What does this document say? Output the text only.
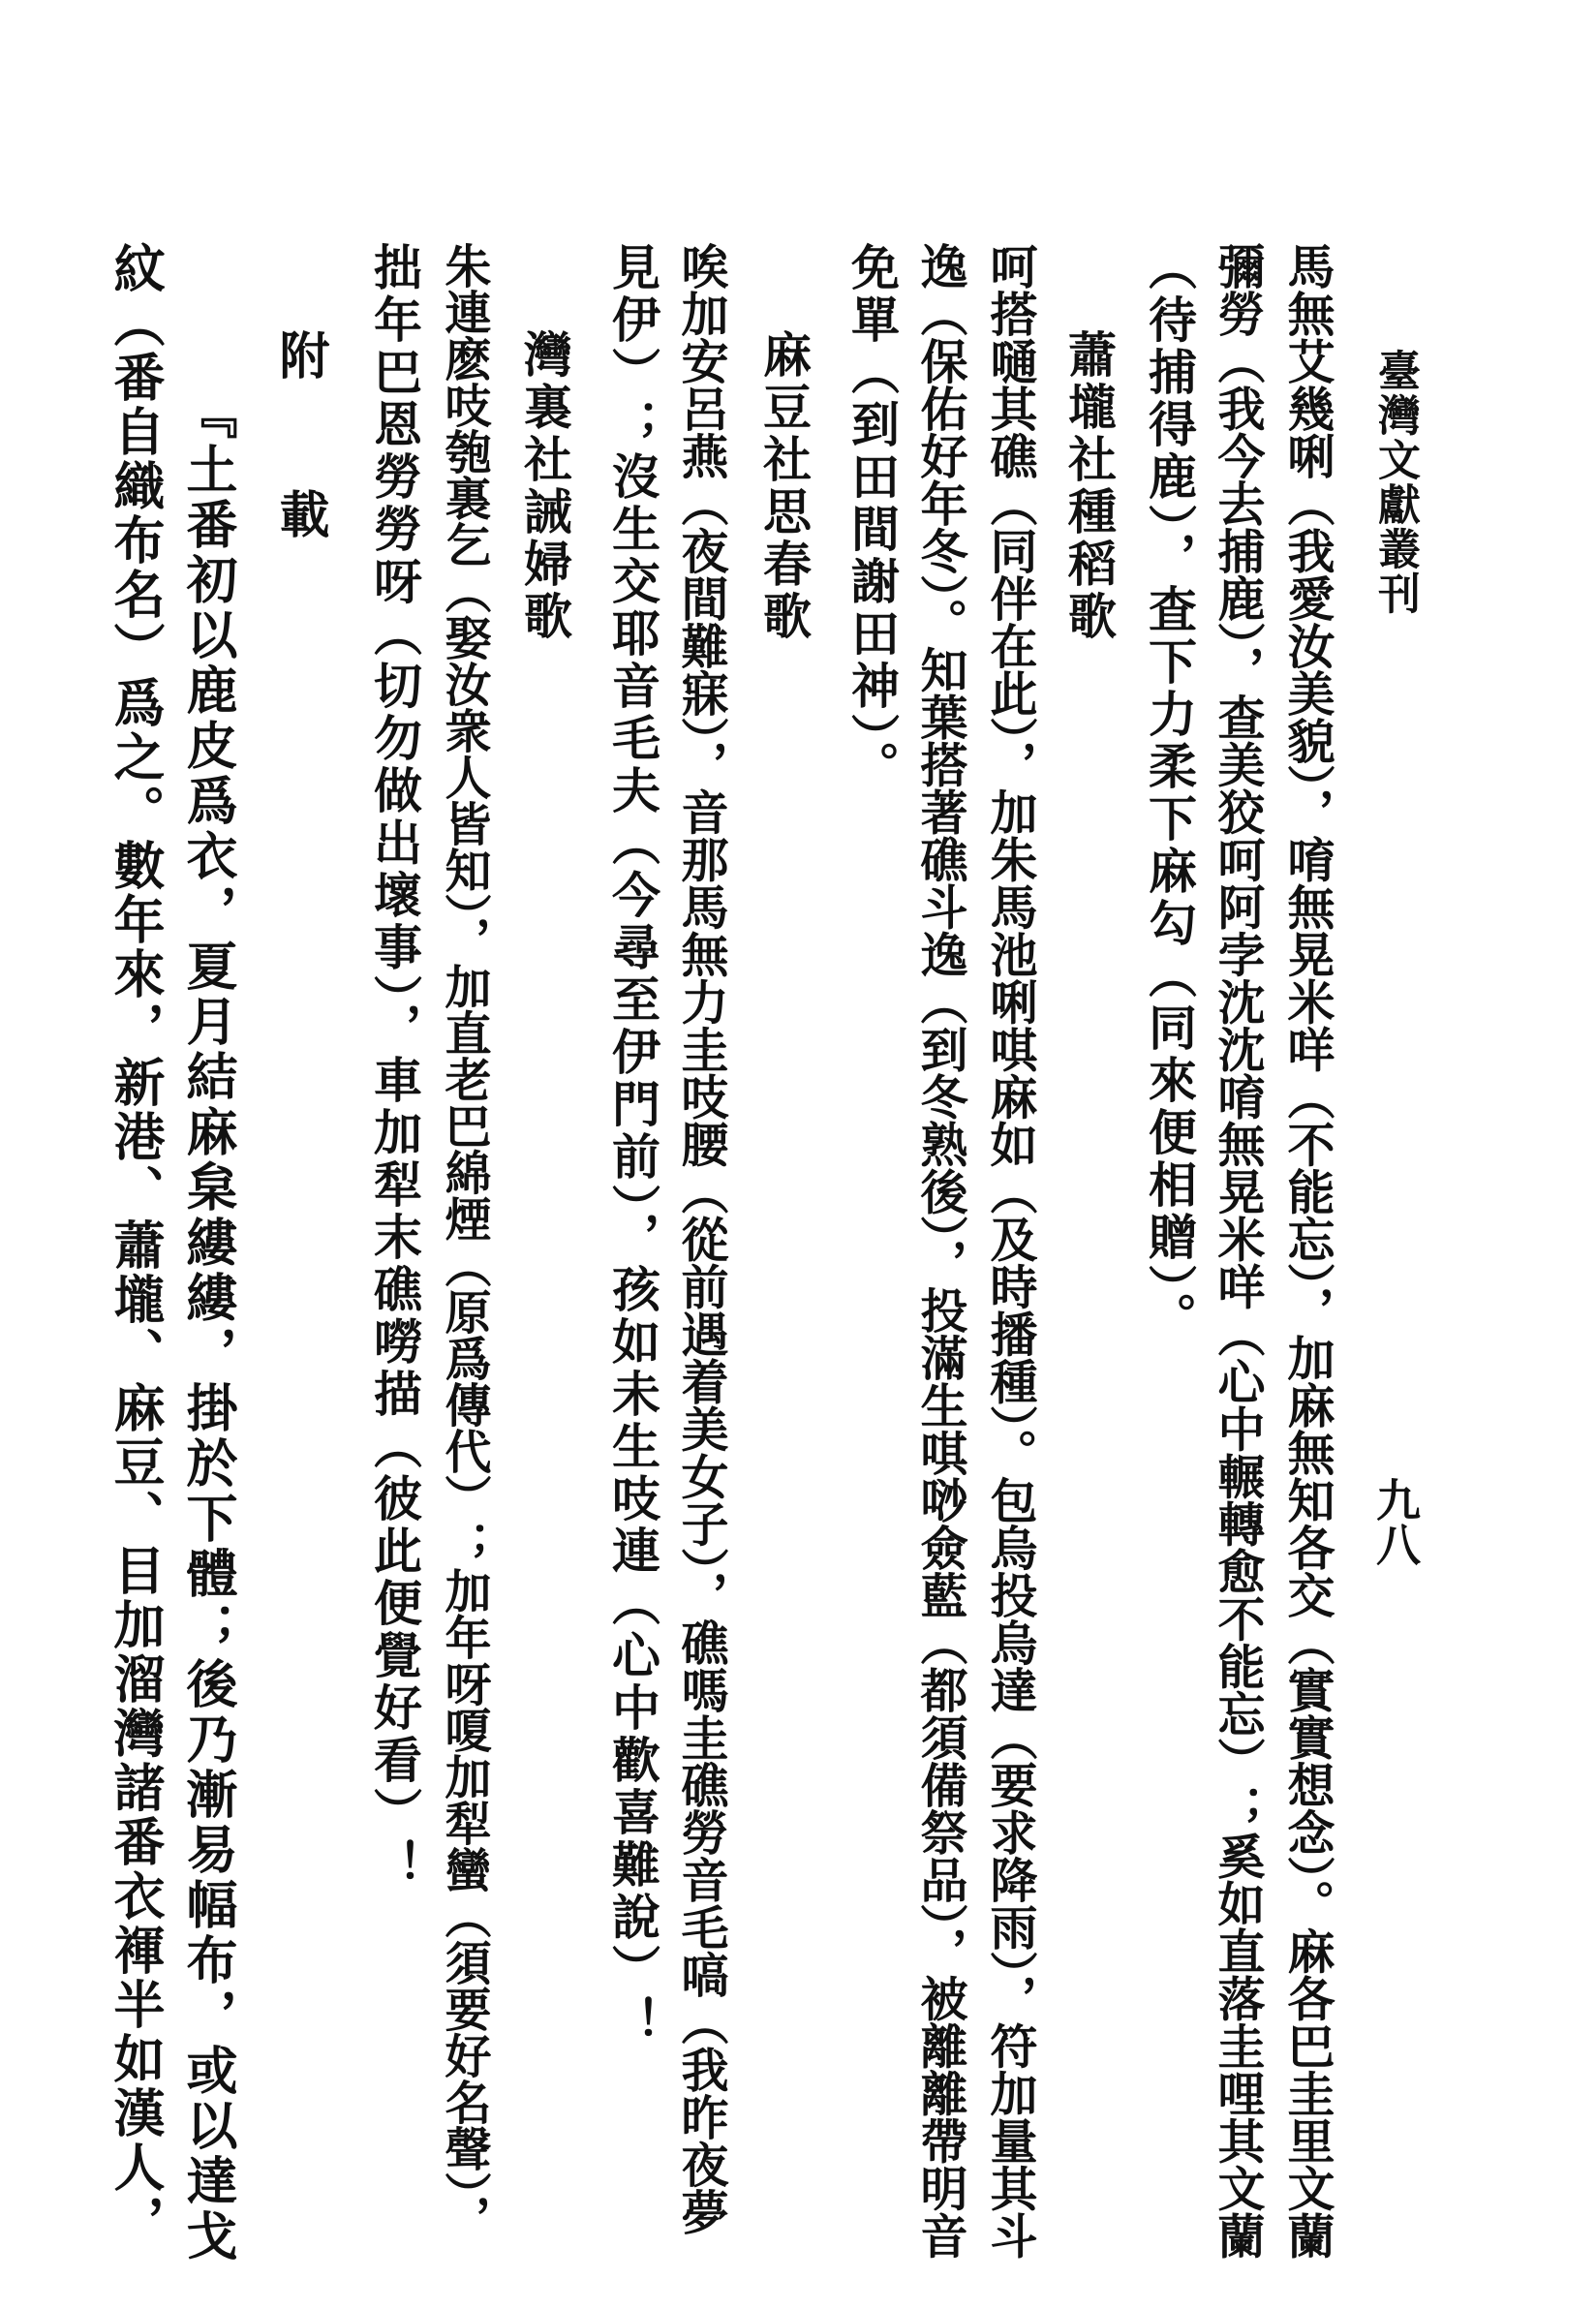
臺灣文獻叢刊
九八
馬無艾幾唎（我愛汝美貌），唷無晃米咩（不能忘），加麻無知各交（實實想念）。麻各巴圭里文蘭
彌勞（我今去捕鹿），查美狡呵阿孛沈沈唷無晃米咩（心中輾轉愈不能忘）；奚如直落圭哩其文蘭
（待捕得鹿），査下力柔下麻勾（同來便相贈）。
蕭壠社種稻歌
呵搭嗵其礁（同伴在此），加朱馬池唎唭麻如（及時播種）。包烏投烏達（要求降雨），符加量其斗
逸（保佑好年冬）。知葉搭著礁斗逸（到冬熟後），投滿生唭唦僉藍（都須備祭品），被離離帶明音
免單（到田間謝田神）。
麻豆社思春歌
唉加安呂燕（夜間難寐），音那馬無力圭吱腰（從前遇着美女子），礁嗎圭礁勞音毛嗃（我昨夜夢
見伊）；沒生交耶音毛夫（今尋至伊門前），孩如未生吱連（心中歡喜難說）！
灣裏社誡婦歌
朱連麽吱匏裏乞（娶汝衆人皆知），加直老巴綿煙（原爲傳代）；加年呀嗄加犁蠻（須要好名聲），
拙年巴恩勞勞呀（切勿做出壞事），車加犁末礁嘮描（彼此便覺好看）！
附　載
『土番初以鹿皮爲衣，夏月結麻枲縷縷，掛於下體；後乃漸易幅布，或以達戈
紋（番自織布名）爲之。數年來，新港、蕭壠、麻豆、目加溜灣諸番衣褌半如漢人，
